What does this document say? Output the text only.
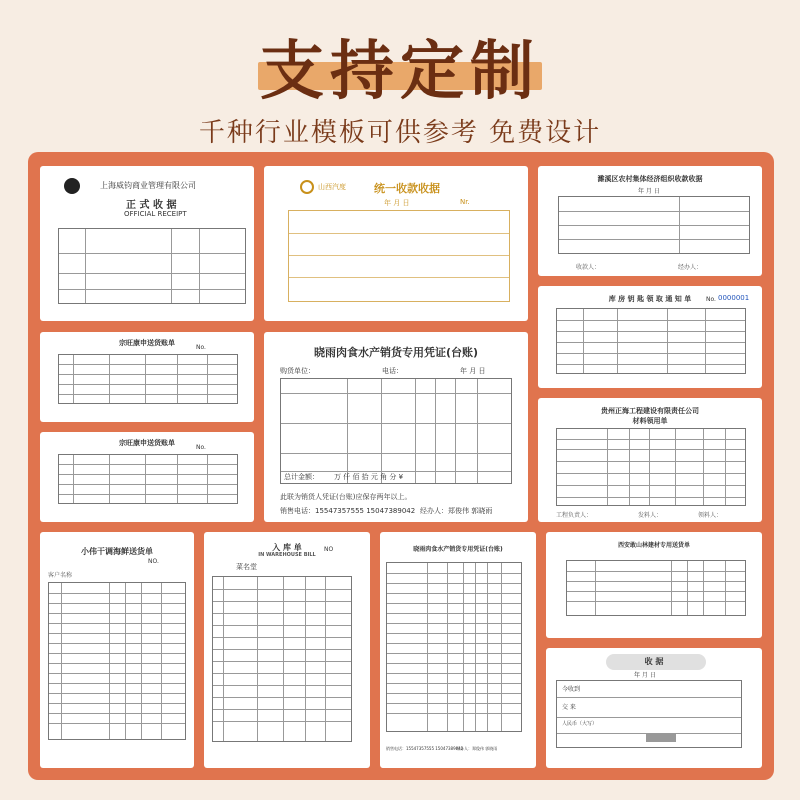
支持定制
千种行业模板可供参考 免费设计
上海威钧商业管理有限公司
正 式 收 据
OFFICIAL RECEIPT
山西汽度	统一收款收据
年 月 日	Nr.
濉溪区农村集体经济组织收款收据
年 月 日
收款人：	经办人：
宗旺康申送货账单
No.	晓雨肉食水产销货专用凭证(台账)
购货单位：	电话：	年 月 日
总计金额： 万 仟 佰 拾 元 角 分 ¥
此联为销货人凭证(台账)应保存两年以上。
销售电话：15547357555 15047389042 经办人：郑俊伟 郭晓雨
库 房 钥 匙 领 取 通 知 单	No. 0000001
宗旺康申送货账单
No.
贵州正海工程建设有限责任公司
材料领用单
工程负责人：	发料人：	领料人：
小伟干调海鲜送货单
NO.
客户名称
入 库 单
IN WAREHOUSE BILL
NO
菜名堂
晓雨肉食水产销货专用凭证(台账)
销售电话：15547357555 15047389042
经办人：郑俊伟 郭晓雨
西安敢山林建材专用送货单
收 据
年 月 日
今收到
交 来
人民币（大写）
